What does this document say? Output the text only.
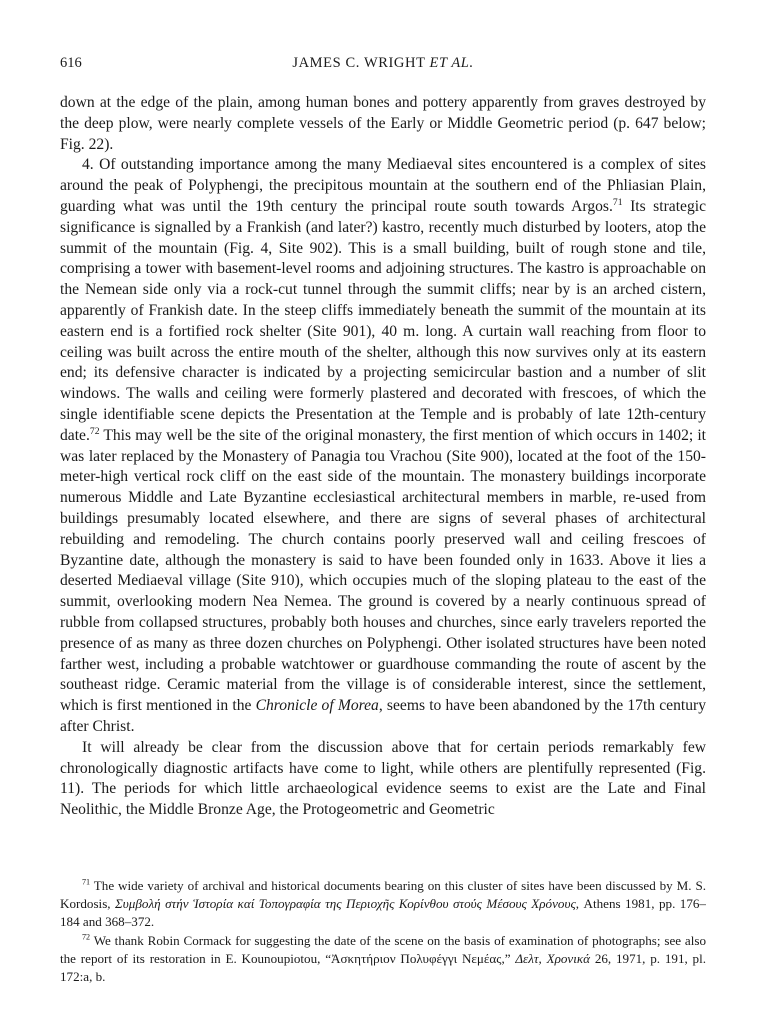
616	JAMES C. WRIGHT ET AL.

down at the edge of the plain, among human bones and pottery apparently from graves destroyed by the deep plow, were nearly complete vessels of the Early or Middle Geometric period (p. 647 below; Fig. 22).

4. Of outstanding importance among the many Mediaeval sites encountered is a complex of sites around the peak of Polyphengi, the precipitous mountain at the southern end of the Phliasian Plain, guarding what was until the 19th century the principal route south towards Argos.$^{71}$ Its strategic significance is signalled by a Frankish (and later?) kastro, recently much disturbed by looters, atop the summit of the mountain (Fig. 4, Site 902). This is a small building, built of rough stone and tile, comprising a tower with basement-level rooms and adjoining structures. The kastro is approachable on the Nemean side only via a rock-cut tunnel through the summit cliffs; near by is an arched cistern, apparently of Frankish date. In the steep cliffs immediately beneath the summit of the mountain at its eastern end is a fortified rock shelter (Site 901), 40 m. long. A curtain wall reaching from floor to ceiling was built across the entire mouth of the shelter, although this now survives only at its eastern end; its defensive character is indicated by a projecting semicircular bastion and a number of slit windows. The walls and ceiling were formerly plastered and decorated with frescoes, of which the single identifiable scene depicts the Presentation at the Temple and is probably of late 12th-century date.$^{72}$ This may well be the site of the original monastery, the first mention of which occurs in 1402; it was later replaced by the Monastery of Panagia tou Vrachou (Site 900), located at the foot of the 150-meter-high vertical rock cliff on the east side of the mountain. The monastery buildings incorporate numerous Middle and Late Byzantine ecclesiastical architectural members in marble, re-used from buildings presumably located elsewhere, and there are signs of several phases of architectural rebuilding and remodeling. The church contains poorly preserved wall and ceiling frescoes of Byzantine date, although the monastery is said to have been founded only in 1633. Above it lies a deserted Mediaeval village (Site 910), which occupies much of the sloping plateau to the east of the summit, overlooking modern Nea Nemea. The ground is covered by a nearly continuous spread of rubble from collapsed structures, probably both houses and churches, since early travelers reported the presence of as many as three dozen churches on Polyphengi. Other isolated structures have been noted farther west, including a probable watchtower or guardhouse commanding the route of ascent by the southeast ridge. Ceramic material from the village is of considerable interest, since the settlement, which is first mentioned in the Chronicle of Morea, seems to have been abandoned by the 17th century after Christ.

It will already be clear from the discussion above that for certain periods remarkably few chronologically diagnostic artifacts have come to light, while others are plentifully represented (Fig. 11). The periods for which little archaeological evidence seems to exist are the Late and Final Neolithic, the Middle Bronze Age, the Protogeometric and Geometric

$^{71}$ The wide variety of archival and historical documents bearing on this cluster of sites have been discussed by M. S. Kordosis, Συμβολή στήν Ἱστορία καί Τοπογραφία της Περιοχῆς Κορίνθου στούς Μέσους Χρόνους, Athens 1981, pp. 176–184 and 368–372.

$^{72}$ We thank Robin Cormack for suggesting the date of the scene on the basis of examination of photographs; see also the report of its restoration in E. Kounoupiotou, “Ἀσκητήριον Πολυφέγγι Νεμέας,” Δελτ, Χρονικά 26, 1971, p. 191, pl. 172:a, b.
